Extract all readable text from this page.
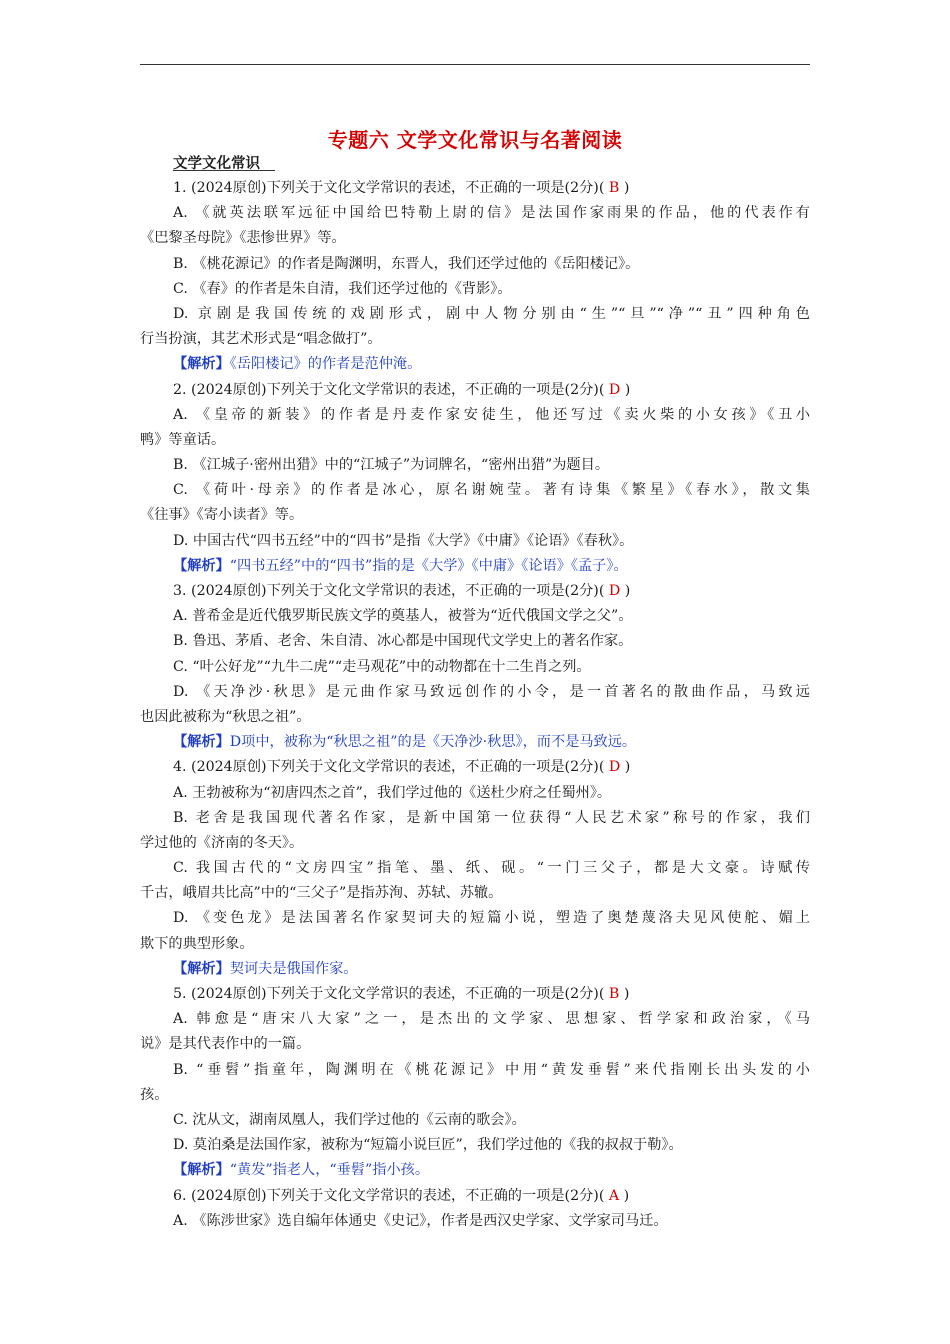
专题六 文学文化常识与名著阅读
文学文化常识
1. (2024原创)下列关于文化文学常识的表述，不正确的一项是(2分)( B )
A. 《就英法联军远征中国给巴特勒上尉的信》是法国作家雨果的作品，他的代表作有
《巴黎圣母院》《悲惨世界》等。
B. 《桃花源记》的作者是陶渊明，东晋人，我们还学过他的《岳阳楼记》。
C. 《春》的作者是朱自清，我们还学过他的《背影》。
D. 京剧是我国传统的戏剧形式，剧中人物分别由“生”“旦”“净”“丑”四种角色
行当扮演，其艺术形式是“唱念做打”。
【解析】《岳阳楼记》的作者是范仲淹。
2. (2024原创)下列关于文化文学常识的表述，不正确的一项是(2分)( D )
A. 《皇帝的新装》的作者是丹麦作家安徒生，他还写过《卖火柴的小女孩》《丑小
鸭》等童话。
B. 《江城子·密州出猎》中的“江城子”为词牌名，“密州出猎”为题目。
C. 《荷叶·母亲》的作者是冰心，原名谢婉莹。著有诗集《繁星》《春水》，散文集
《往事》《寄小读者》等。
D. 中国古代“四书五经”中的“四书”是指《大学》《中庸》《论语》《春秋》。
【解析】“四书五经”中的“四书”指的是《大学》《中庸》《论语》《孟子》。
3. (2024原创)下列关于文化文学常识的表述，不正确的一项是(2分)( D )
A. 普希金是近代俄罗斯民族文学的奠基人，被誉为“近代俄国文学之父”。
B. 鲁迅、茅盾、老舍、朱自清、冰心都是中国现代文学史上的著名作家。
C. “叶公好龙”“九牛二虎”“走马观花”中的动物都在十二生肖之列。
D. 《天净沙·秋思》是元曲作家马致远创作的小令，是一首著名的散曲作品，马致远
也因此被称为“秋思之祖”。
【解析】D项中，被称为“秋思之祖”的是《天净沙·秋思》，而不是马致远。
4. (2024原创)下列关于文化文学常识的表述，不正确的一项是(2分)( D )
A. 王勃被称为“初唐四杰之首”，我们学过他的《送杜少府之任蜀州》。
B. 老舍是我国现代著名作家，是新中国第一位获得“人民艺术家”称号的作家，我们
学过他的《济南的冬天》。
C. 我国古代的“文房四宝”指笔、墨、纸、砚。“一门三父子，都是大文豪。诗赋传
千古，峨眉共比高”中的“三父子”是指苏洵、苏轼、苏辙。
D. 《变色龙》是法国著名作家契诃夫的短篇小说，塑造了奥楚蔑洛夫见风使舵、媚上
欺下的典型形象。
【解析】契诃夫是俄国作家。
5. (2024原创)下列关于文化文学常识的表述，不正确的一项是(2分)( B )
A. 韩愈是“唐宋八大家”之一，是杰出的文学家、思想家、哲学家和政治家，《马
说》是其代表作中的一篇。
B. “垂髫”指童年，陶渊明在《桃花源记》中用“黄发垂髫”来代指刚长出头发的小
孩。
C. 沈从文，湖南凤凰人，我们学过他的《云南的歌会》。
D. 莫泊桑是法国作家，被称为“短篇小说巨匠”，我们学过他的《我的叔叔于勒》。
【解析】“黄发”指老人，“垂髫”指小孩。
6. (2024原创)下列关于文化文学常识的表述，不正确的一项是(2分)( A )
A. 《陈涉世家》选自编年体通史《史记》，作者是西汉史学家、文学家司马迁。
